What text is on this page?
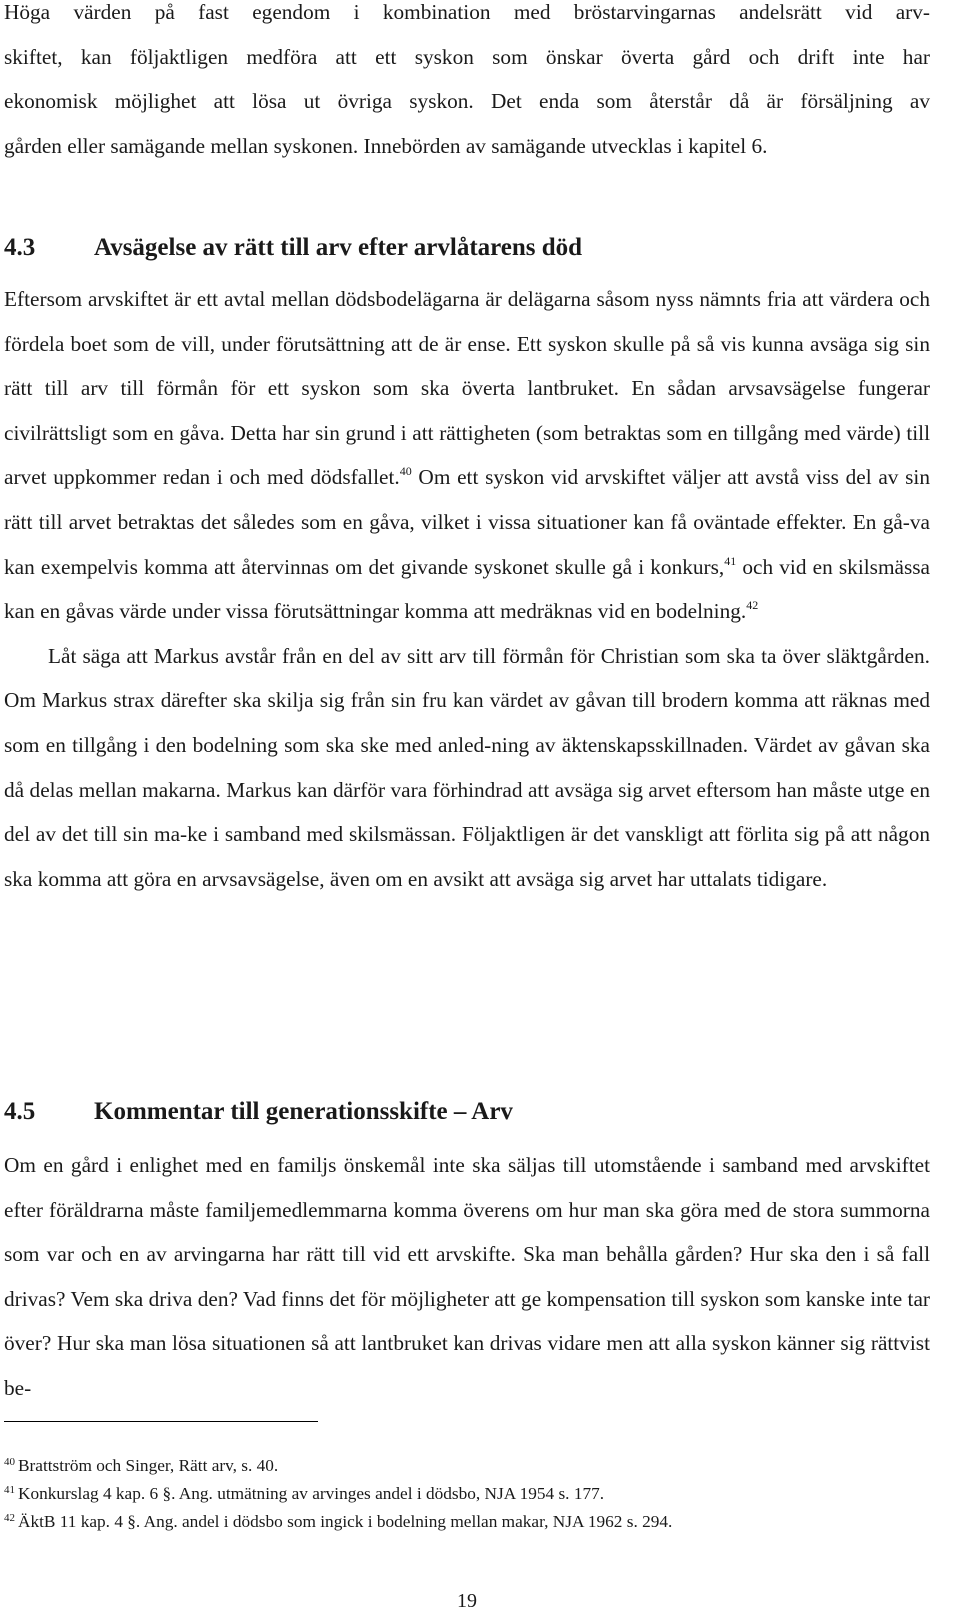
Höga värden på fast egendom i kombination med bröstarvingarnas andelsrätt vid arv-
skiftet, kan följaktligen medföra att ett syskon som önskar överta gård och drift inte har
ekonomisk möjlighet att lösa ut övriga syskon. Det enda som återstår då är försäljning av
gården eller samägande mellan syskonen. Innebörden av samägande utvecklas i kapitel 6.
4.3 Avsägelse av rätt till arv efter arvlåtarens död

Eftersom arvskiftet är ett avtal mellan dödsbodelägarna är delägarna såsom nyss nämnts fria att värdera och fördela boet som de vill, under förutsättning att de är ense. Ett syskon skulle på så vis kunna avsäga sig sin rätt till arv till förmån för ett syskon som ska överta lantbruket. En sådan arvsavsägelse fungerar civilrättsligt som en gåva. Detta har sin grund i att rättigheten (som betraktas som en tillgång med värde) till arvet uppkommer redan i och med dödsfallet.$^{40}$ Om ett syskon vid arvskiftet väljer att avstå viss del av sin rätt till arvet betraktas det således som en gåva, vilket i vissa situationer kan få oväntade effekter. En gå-va kan exempelvis komma att återvinnas om det givande syskonet skulle gå i konkurs,$^{41}$ och vid en skilsmässa kan en gåvas värde under vissa förutsättningar komma att medräknas vid en bodelning.$^{42}$

Låt säga att Markus avstår från en del av sitt arv till förmån för Christian som ska ta över släktgården. Om Markus strax därefter ska skilja sig från sin fru kan värdet av gåvan till brodern komma att räknas med som en tillgång i den bodelning som ska ske med anled-ning av äktenskapsskillnaden. Värdet av gåvan ska då delas mellan makarna. Markus kan därför vara förhindrad att avsäga sig arvet eftersom han måste utge en del av det till sin ma-ke i samband med skilsmässan. Följaktligen är det vanskligt att förlita sig på att någon ska komma att göra en arvsavsägelse, även om en avsikt att avsäga sig arvet har uttalats tidigare.

4.5 Kommentar till generationsskifte – Arv

Om en gård i enlighet med en familjs önskemål inte ska säljas till utomstående i samband med arvskiftet efter föräldrarna måste familjemedlemmarna komma överens om hur man ska göra med de stora summorna som var och en av arvingarna har rätt till vid ett arvskifte. Ska man behålla gården? Hur ska den i så fall drivas? Vem ska driva den? Vad finns det för möjligheter att ge kompensation till syskon som kanske inte tar över? Hur ska man lösa situationen så att lantbruket kan drivas vidare men att alla syskon känner sig rättvist be-

$^{40}$ Brattström och Singer, Rätt arv, s. 40.

$^{41}$ Konkurslag 4 kap. 6 §. Ang. utmätning av arvinges andel i dödsbo, NJA 1954 s. 177.

$^{42}$ ÄktB 11 kap. 4 §. Ang. andel i dödsbo som ingick i bodelning mellan makar, NJA 1962 s. 294.

19
